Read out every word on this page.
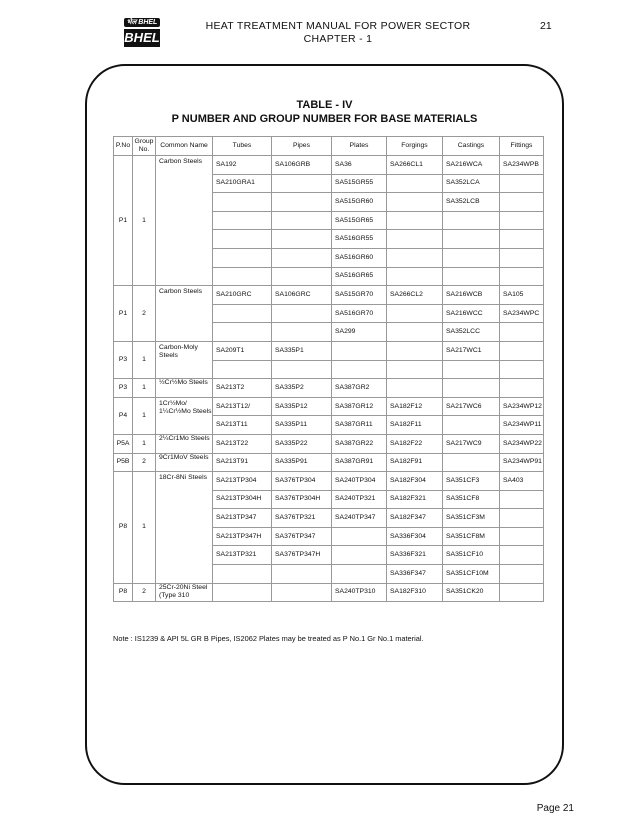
भेल BHEL
BHEL
HEAT TREATMENT MANUAL FOR POWER SECTOR
CHAPTER - 1
21
TABLE - IV
P NUMBER AND GROUP NUMBER FOR BASE MATERIALS
P.No	Group No.	Common Name	Tubes	Pipes	Plates	Forgings	Castings	Fittings
P1	1	Carbon Steels	SA192	SA106GRB	SA36	SA266CL1	SA216WCA	SA234WPB
			SA210GRA1		SA515GR55		SA352LCA	
					SA515GR60		SA352LCB	
					SA515GR65			
					SA516GR55			
					SA516GR60			
					SA516GR65			
P1	2	Carbon Steels	SA210GRC	SA106GRC	SA515GR70	SA266CL2	SA216WCB	SA105
					SA516GR70		SA216WCC	SA234WPC
					SA299		SA352LCC	
P3	1	Carbon-Moly Steels	SA209T1	SA335P1			SA217WC1	

P3	1	½Cr½Mo Steels	SA213T2	SA335P2	SA387GR2			
P4	1	1Cr½Mo/ 1¼Cr½Mo Steels	SA213T12/	SA335P12	SA387GR12	SA182F12	SA217WC6	SA234WP12
			SA213T11	SA335P11	SA387GR11	SA182F11		SA234WP11
P5A	1	2¼Cr1Mo Steels	SA213T22	SA335P22	SA387GR22	SA182F22	SA217WC9	SA234WP22
P5B	2	9Cr1MoV Steels	SA213T91	SA335P91	SA387GR91	SA182F91		SA234WP91
P8	1	18Cr-8Ni Steels	SA213TP304	SA376TP304	SA240TP304	SA182F304	SA351CF3	SA403
			SA213TP304H	SA376TP304H	SA240TP321	SA182F321	SA351CF8	
			SA213TP347	SA376TP321	SA240TP347	SA182F347	SA351CF3M	
			SA213TP347H	SA376TP347		SA336F304	SA351CF8M	
			SA213TP321	SA376TP347H		SA336F321	SA351CF10	
						SA336F347	SA351CF10M	
P8	2	25Cr-20Ni Steel (Type 310			SA240TP310	SA182F310	SA351CK20	
Note : IS1239 & API 5L GR B Pipes, IS2062 Plates may be treated as P No.1 Gr No.1 material.
Page 21
